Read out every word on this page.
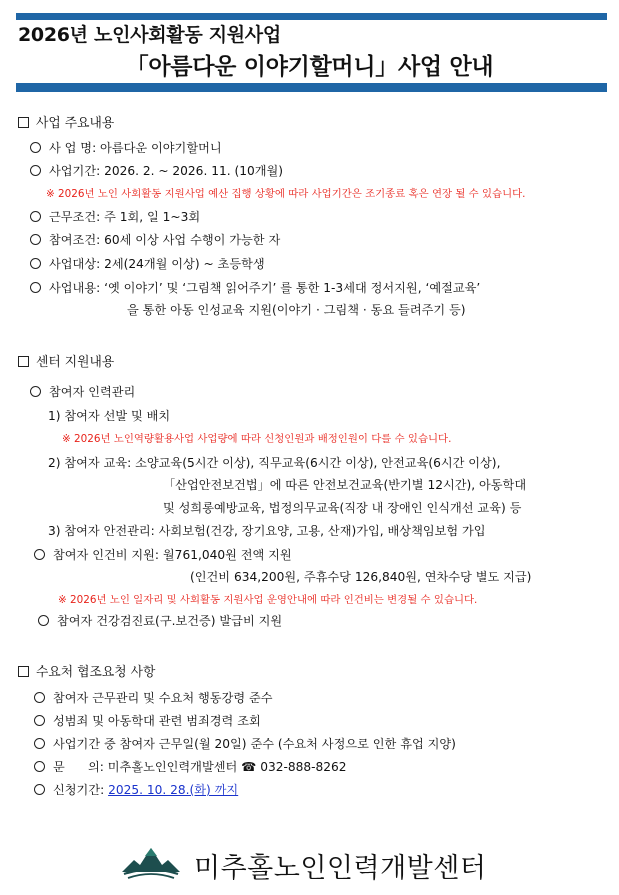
2026년 노인사회활동 지원사업
「아름다운 이야기할머니」사업 안내
사업 주요내용
사 업 명: 아름다운 이야기할머니
사업기간: 2026. 2. ~ 2026. 11. (10개월)
※ 2026년 노인 사회활동 지원사업 예산 집행 상황에 따라 사업기간은 조기종료 혹은 연장 될 수 있습니다.
근무조건: 주 1회, 일 1~3회
참여조건: 60세 이상 사업 수행이 가능한 자
사업대상: 2세(24개월 이상) ~ 초등학생
사업내용: ‘옛 이야기’ 및 ‘그림책 읽어주기’ 를 통한 1-3세대 정서지원, ‘예절교육’
을 통한 아동 인성교육 지원(이야기 · 그림책 · 동요 들려주기 등)
센터 지원내용
참여자 인력관리
1) 참여자 선발 및 배치
※ 2026년 노인역량활용사업 사업량에 따라 신청인원과 배정인원이 다를 수 있습니다.
2) 참여자 교육: 소양교육(5시간 이상), 직무교육(6시간 이상), 안전교육(6시간 이상),
「산업안전보건법」에 따른 안전보건교육(반기별 12시간), 아동학대
및 성희롱예방교육, 법정의무교육(직장 내 장애인 인식개선 교육) 등
3) 참여자 안전관리: 사회보험(건강, 장기요양, 고용, 산재)가입, 배상책임보험 가입
참여자 인건비 지원: 월761,040원 전액 지원
(인건비 634,200원, 주휴수당 126,840원, 연차수당 별도 지급)
※ 2026년 노인 일자리 및 사회활동 지원사업 운영안내에 따라 인건비는 변경될 수 있습니다.
참여자 건강검진료(구.보건증) 발급비 지원
수요처 협조요청 사항
참여자 근무관리 및 수요처 행동강령 준수
성범죄 및 아동학대 관련 범죄경력 조회
사업기간 중 참여자 근무일(월 20일) 준수 (수요처 사정으로 인한 휴업 지양)
문      의: 미추홀노인인력개발센터 ☎ 032-888-8262
신청기간: 2025. 10. 28.(화) 까지
미추홀노인인력개발센터
